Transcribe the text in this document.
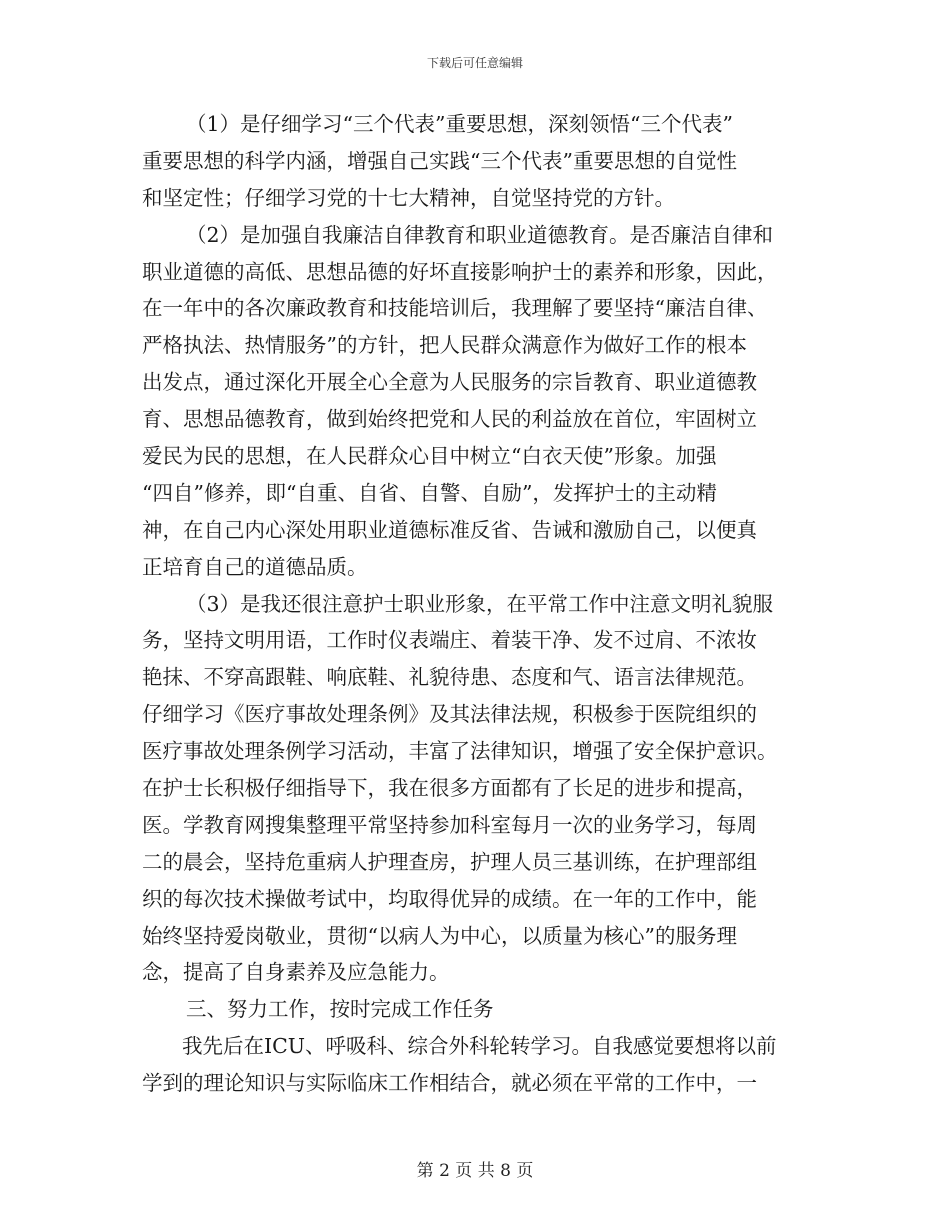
下载后可任意编辑
（1）是仔细学习“三个代表”重要思想，深刻领悟“三个代表”
重要思想的科学内涵，增强自己实践“三个代表”重要思想的自觉性
和坚定性；仔细学习党的十七大精神，自觉坚持党的方针。
（2）是加强自我廉洁自律教育和职业道德教育。是否廉洁自律和
职业道德的高低、思想品德的好坏直接影响护士的素养和形象，因此，
在一年中的各次廉政教育和技能培训后，我理解了要坚持“廉洁自律、
严格执法、热情服务”的方针，把人民群众满意作为做好工作的根本
出发点，通过深化开展全心全意为人民服务的宗旨教育、职业道德教
育、思想品德教育，做到始终把党和人民的利益放在首位，牢固树立
爱民为民的思想，在人民群众心目中树立“白衣天使”形象。加强
“四自”修养，即“自重、自省、自警、自励”，发挥护士的主动精
神，在自己内心深处用职业道德标准反省、告诫和激励自己，以便真
正培育自己的道德品质。
（3）是我还很注意护士职业形象，在平常工作中注意文明礼貌服
务，坚持文明用语，工作时仪表端庄、着装干净、发不过肩、不浓妆
艳抹、不穿高跟鞋、响底鞋、礼貌待患、态度和气、语言法律规范。
仔细学习《医疗事故处理条例》及其法律法规，积极参于医院组织的
医疗事故处理条例学习活动，丰富了法律知识，增强了安全保护意识。
在护士长积极仔细指导下，我在很多方面都有了长足的进步和提高，
医。学教育网搜集整理平常坚持参加科室每月一次的业务学习，每周
二的晨会，坚持危重病人护理查房，护理人员三基训练，在护理部组
织的每次技术操做考试中，均取得优异的成绩。在一年的工作中，能
始终坚持爱岗敬业，贯彻“以病人为中心，以质量为核心”的服务理
念，提高了自身素养及应急能力。
三、努力工作，按时完成工作任务
我先后在ICU、呼吸科、综合外科轮转学习。自我感觉要想将以前
学到的理论知识与实际临床工作相结合，就必须在平常的工作中，一
第 2 页 共 8 页
